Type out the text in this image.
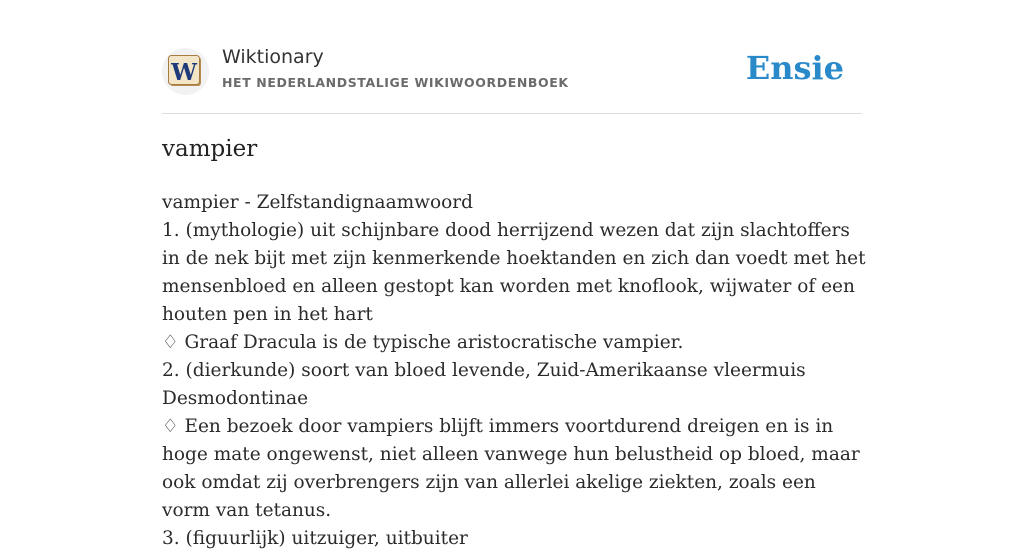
W
Wiktionary
HET NEDERLANDSTALIGE WIKIWOORDENBOEK	Ensie
vampier
vampier - Zelfstandignaamwoord
1. (mythologie) uit schijnbare dood herrijzend wezen dat zijn slachtoffers in de nek bijt met zijn kenmerkende hoektanden en zich dan voedt met het mensenbloed en alleen gestopt kan worden met knoflook, wijwater of een houten pen in het hart
♢ Graaf Dracula is de typische aristocratische vampier.
2. (dierkunde) soort van bloed levende, Zuid-Amerikaanse vleermuis Desmodontinae
♢ Een bezoek door vampiers blijft immers voortdurend dreigen en is in hoge mate ongewenst, niet alleen vanwege hun belustheid op bloed, maar ook omdat zij overbrengers zijn van allerlei akelige ziekten, zoals een vorm van tetanus.
3. (figuurlijk) uitzuiger, uitbuiter
